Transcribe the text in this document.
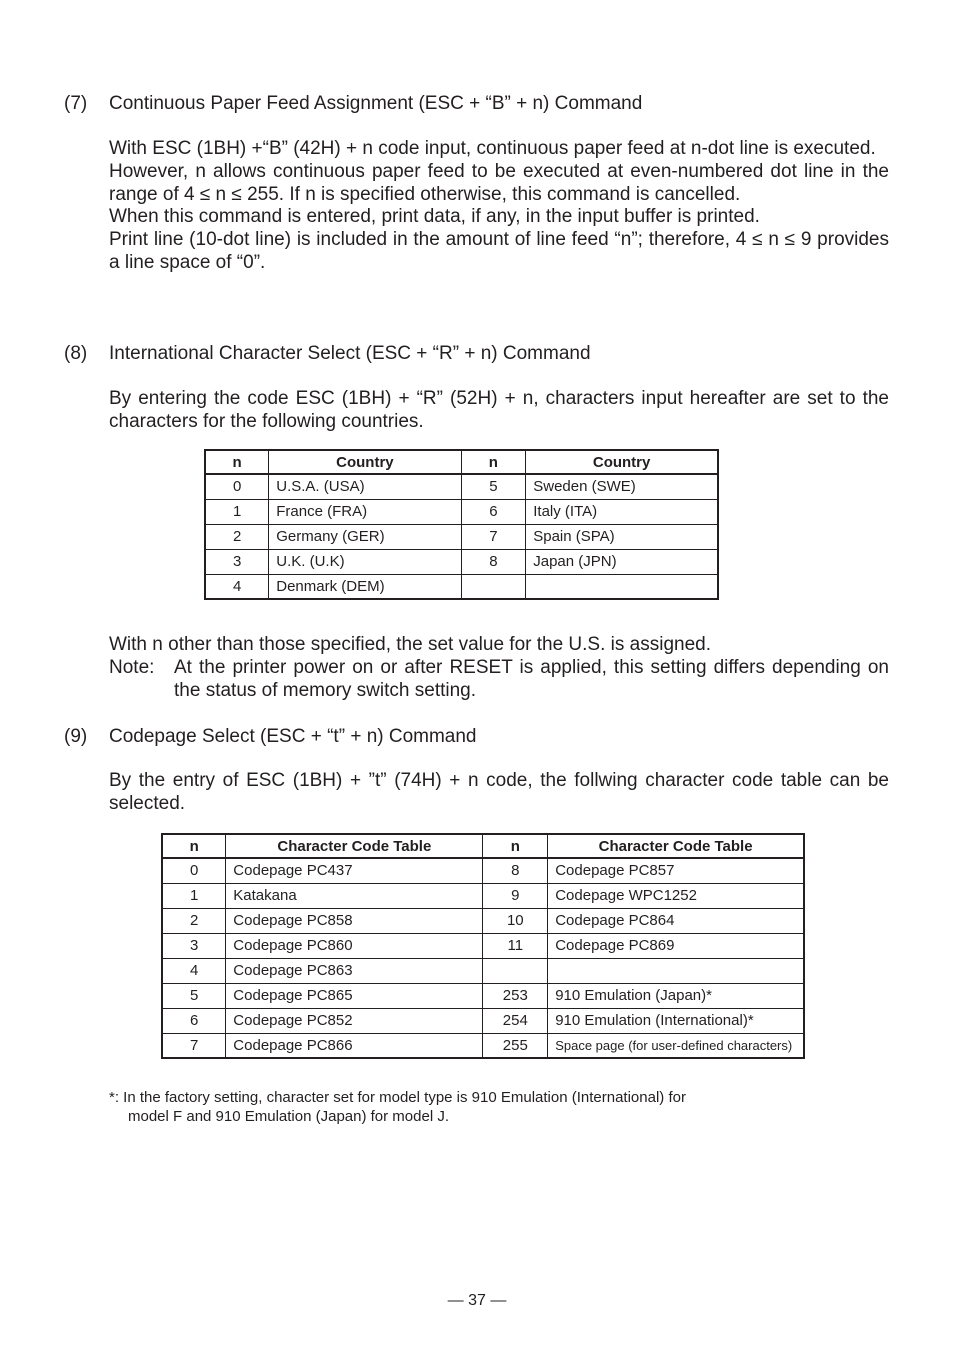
(7) Continuous Paper Feed Assignment (ESC + “B” + n) Command

With ESC (1BH) +“B” (42H) + n code input, continuous paper feed at n-dot line is executed.

However, n allows continuous paper feed to be executed at even-numbered dot line in the range of 4 ≤ n ≤ 255. If n is specified otherwise, this command is cancelled.

When this command is entered, print data, if any, in the input buffer is printed.

Print line (10-dot line) is included in the amount of line feed “n”; therefore, 4 ≤ n ≤ 9 provides a line space of “0”.

(8) International Character Select (ESC + “R” + n) Command

By entering the code ESC (1BH) + “R” (52H) + n, characters input hereafter are set to the characters for the following countries.

n	Country	n	Country
0	U.S.A. (USA)	5	Sweden (SWE)
1	France (FRA)	6	Italy (ITA)
2	Germany (GER)	7	Spain (SPA)
3	U.K. (U.K)	8	Japan (JPN)
4	Denmark (DEM)		
With n other than those specified, the set value for the U.S. is assigned.
Note:	At the printer power on or after RESET is applied, this setting differs depending on the status of memory switch setting.
(9) Codepage Select (ESC + “t” + n) Command

By the entry of ESC (1BH) + ”t” (74H) + n code, the follwing character code table can be selected.

n	Character Code Table	n	Character Code Table
0	Codepage PC437	8	Codepage PC857
1	Katakana	9	Codepage WPC1252
2	Codepage PC858	10	Codepage PC864
3	Codepage PC860	11	Codepage PC869
4	Codepage PC863		
5	Codepage PC865	253	910 Emulation (Japan)*
6	Codepage PC852	254	910 Emulation (International)*
7	Codepage PC866	255	Space page (for user-defined characters)
*: In the factory setting, character set for model type is 910 Emulation (International) for
model F and 910 Emulation (Japan) for model J.
— 37 —
